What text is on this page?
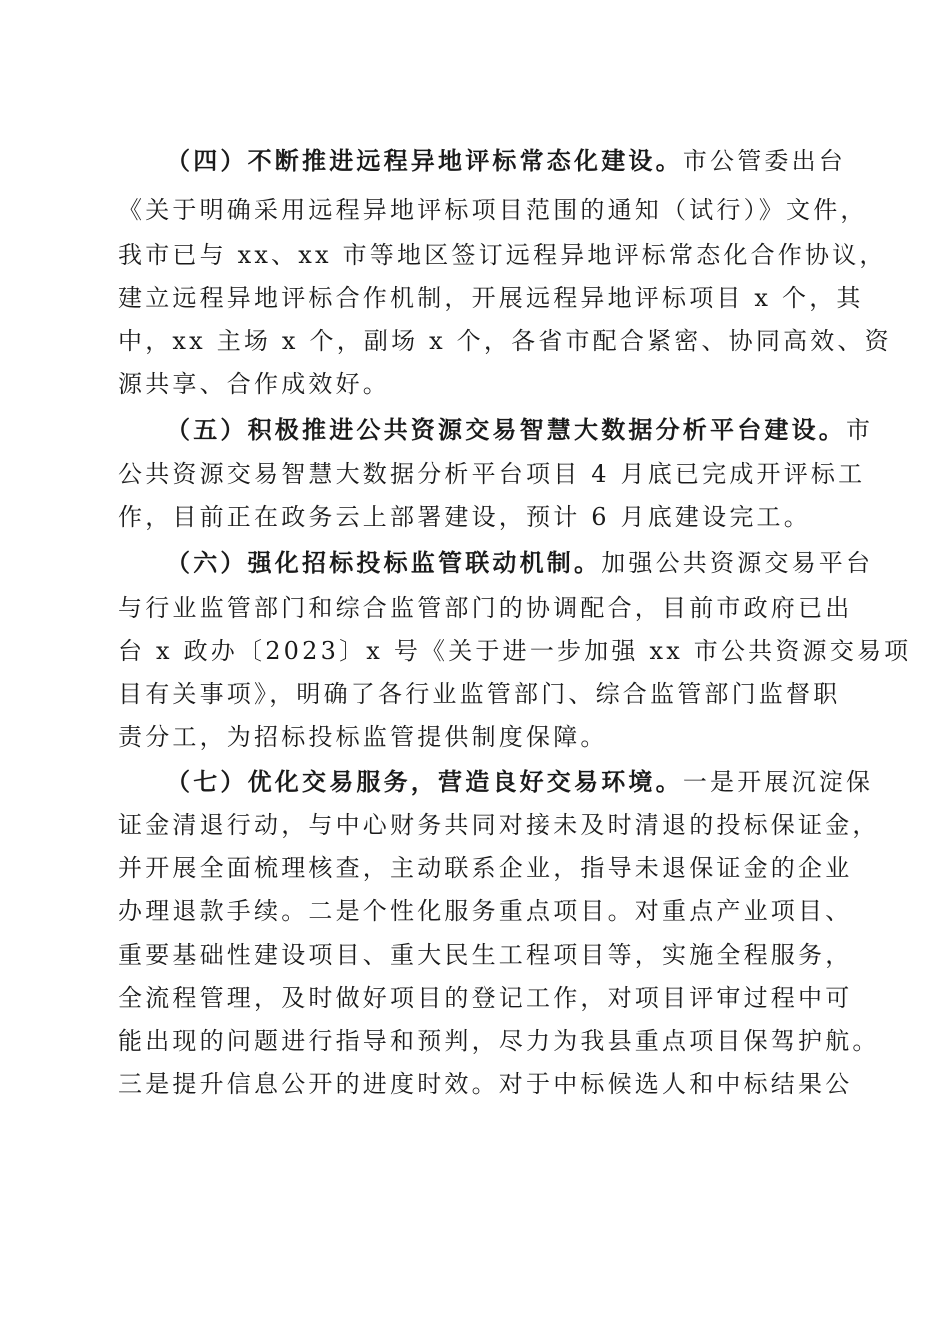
（四）不断推进远程异地评标常态化建设。市公管委出台
《关于明确采用远程异地评标项目范围的通知（试行）》文件，
我市已与 xx、xx 市等地区签订远程异地评标常态化合作协议，
建立远程异地评标合作机制，开展远程异地评标项目 x 个，其
中，xx 主场 x 个，副场 x 个，各省市配合紧密、协同高效、资
源共享、合作成效好。
（五）积极推进公共资源交易智慧大数据分析平台建设。市
公共资源交易智慧大数据分析平台项目 4 月底已完成开评标工
作，目前正在政务云上部署建设，预计 6 月底建设完工。
（六）强化招标投标监管联动机制。加强公共资源交易平台
与行业监管部门和综合监管部门的协调配合，目前市政府已出
台 x 政办〔2023〕x 号《关于进一步加强 xx 市公共资源交易项
目有关事项》，明确了各行业监管部门、综合监管部门监督职
责分工，为招标投标监管提供制度保障。
（七）优化交易服务，营造良好交易环境。一是开展沉淀保
证金清退行动，与中心财务共同对接未及时清退的投标保证金，
并开展全面梳理核查，主动联系企业，指导未退保证金的企业
办理退款手续。二是个性化服务重点项目。对重点产业项目、
重要基础性建设项目、重大民生工程项目等，实施全程服务，
全流程管理，及时做好项目的登记工作，对项目评审过程中可
能出现的问题进行指导和预判，尽力为我县重点项目保驾护航。
三是提升信息公开的进度时效。对于中标候选人和中标结果公
